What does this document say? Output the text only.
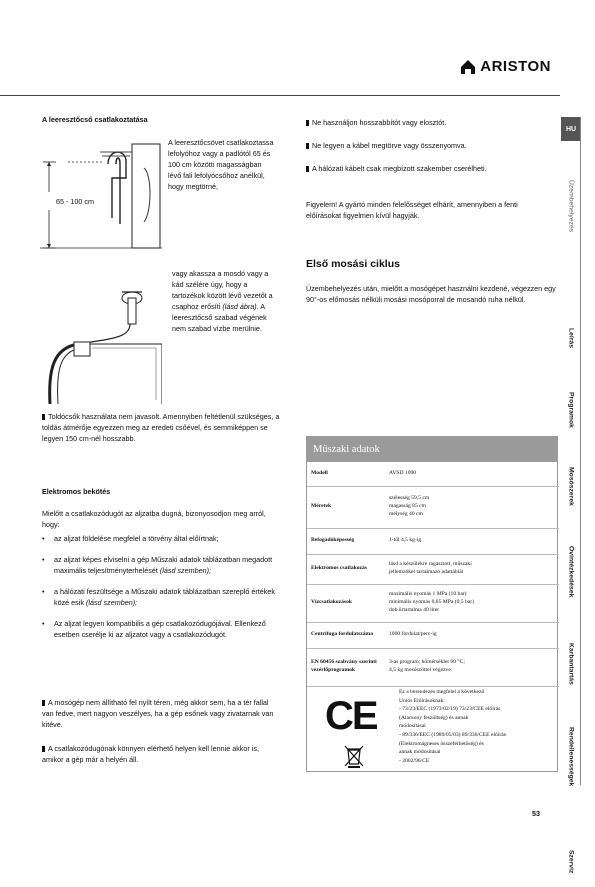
ARISTON
HU
Üzembehelyezés
Leírás
Programok
Mosószerek
Óvintézkedések
Karbantartás
Rendellenességek
Szerviz
A leeresztőcső csatlakoztatása
65 - 100 cm
A leeresztőcsövet csatlakoztassa lefolyóhoz vagy a padlótól 65 és 100 cm közötti magasságban lévő fali lefolyócsőhoz anélkül, hogy megtörné,
vagy akassza a mosdó vagy a kád szélére úgy, hogy a tartozékok között lévő vezetőt a csaphoz erősíti (lásd ábra). A leeresztőcső szabad végének nem szabad vízbe merülnie.
Toldócsők használata nem javasolt. Amennyiben feltétlenül szükséges, a toldás átmérője egyezzen meg az eredeti csőével, és semmiképpen se legyen 150 cm-nél hosszabb.
Elektromos bekötés
Mielőtt a csatlakozódugót az aljzatba dugná, bizonyosodjon meg arról, hogy:
• az aljzat földelése megfelel a törvény által előírtnak;
• az aljzat képes elviselni a gép Műszaki adatok táblázatban megadott maximális teljesítményterhelését (lásd szemben);
• a hálózati feszültsége a Műszaki adatok táblázatban szereplő értékek közé esik (lásd szemben);
• Az aljzat legyen kompatibilis a gép csatlakozódugójával. Ellenkező esetben cserélje ki az aljzatot vagy a csatlakozódugót.
A mosógép nem állítható fel nyílt téren, még akkor sem, ha a tér fallal van fedve, mert nagyon veszélyes, ha a gép esőnek vagy zivatarnak van kitéve.
A csatlakozódugónak könnyen elérhető helyen kell lennie akkor is, amikor a gép már a helyén áll.
Ne használjon hosszabbítót vagy elosztót.
Ne legyen a kábel megtörve vagy összenyomva.
A hálózati kábelt csak megbízott szakember cserélheti.
Figyelem! A gyártó minden felelősséget elhárít, amennyiben a fenti előírásokat figyelmen kívül hagyják.
Első mosási ciklus
Üzembehelyezés után, mielőtt a mosógépet használni kezdené, végezzen egy 90°-os előmosás nélküli mosási mosóporral de mosandó ruha nélkül.
Műszaki adatok
Modell	AVSD 1090

Méretek	szélesség 59,5 cm
magasság 85 cm
mélység 40 cm

Befogadóképesség	1-től 4,5 kg-ig

Elektromos csatlakozás	lásd a készülékre ragasztott, műszaki
jellemzőket tartalmazó adattáblát

Vízcsatlakozások	maximális nyomás 1 MPa (10 bar)
minimális nyomás 0,05 MPa (0,5 bar)
dob űrtartalma 40 liter

Centrifuga fordulatszáma	1000 fordulat/perc-ig

EN 60456 szabvány szerinti vezérlőprogramok	3-as program; hőmérséklet 60 °C;
4,5 kg mosószöttel végezve.
CE
Ez a berendezés megfelel a következő
Uniós Előírásoknak:
- 73/23/EEC (1973/02/19) 73/23/CEE előírás
(Alacsony feszültség) és annak
módosításai
- 89/336/EEC (1989/05/03) 89/336/CEE előírás
(Elektromágneses összeférhetőség) és
annak módosításai
- 2002/96/CE
53
